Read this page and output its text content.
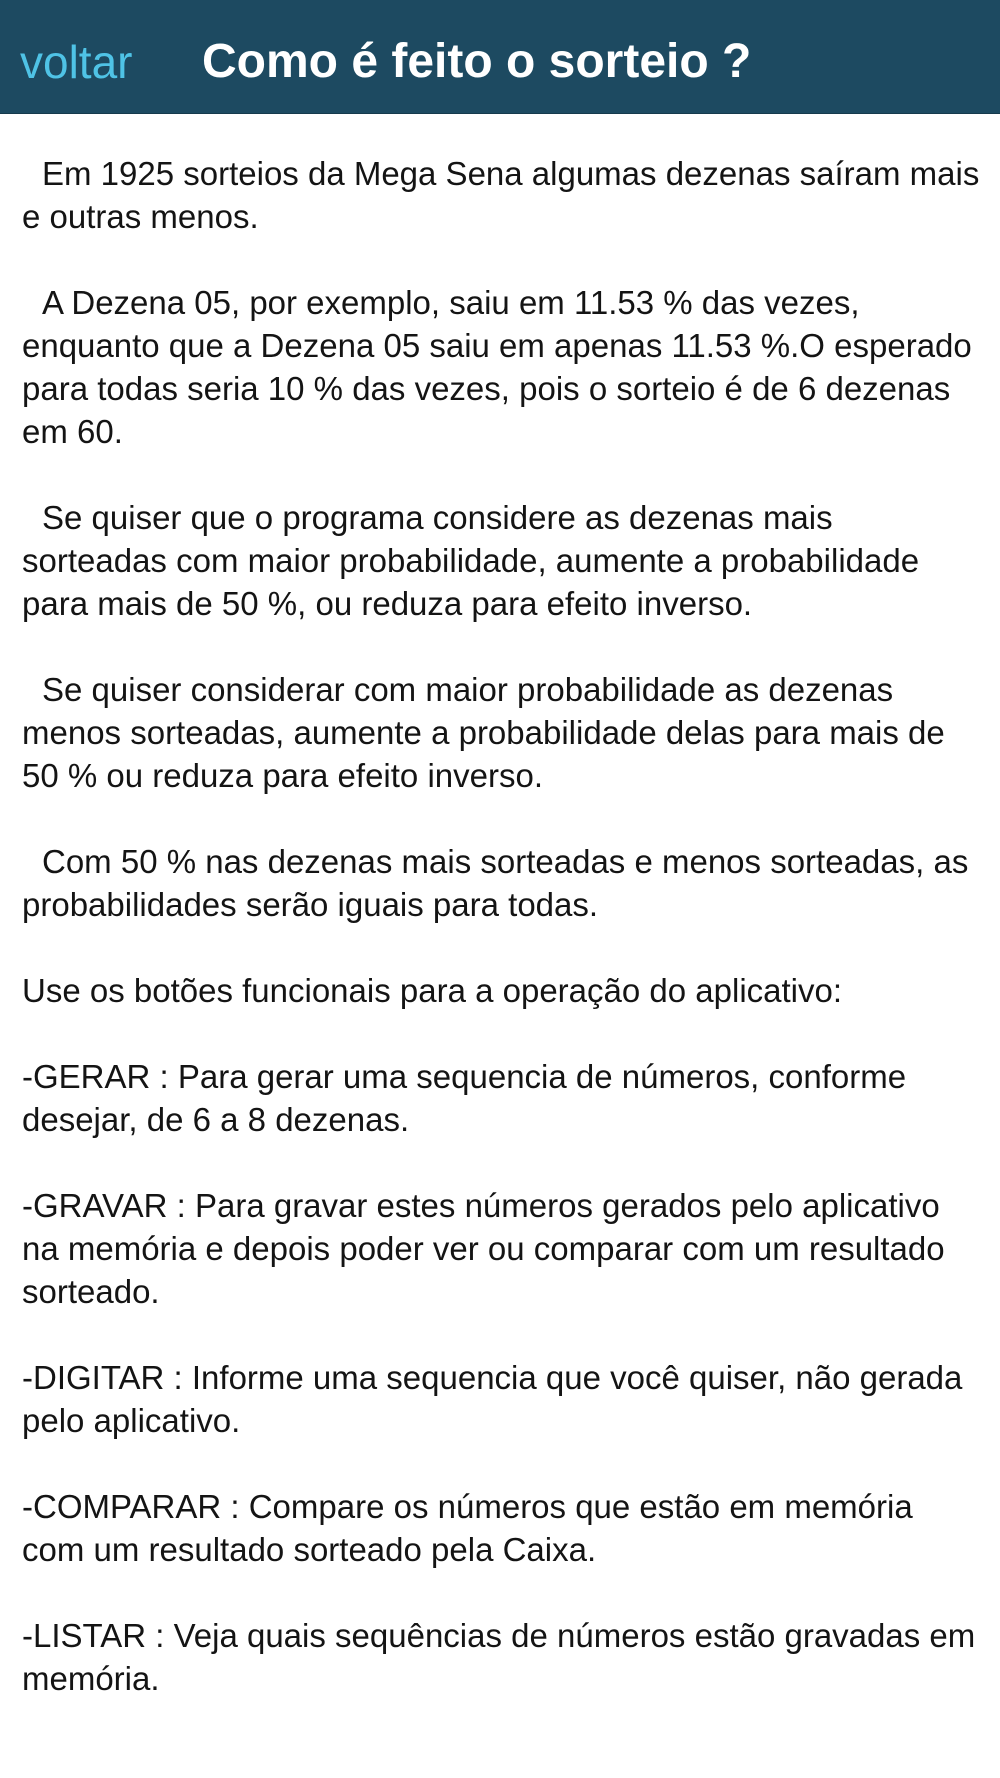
voltar Como é feito o sorteio ?

Em 1925 sorteios da Mega Sena algumas dezenas saíram mais e outras menos.

A Dezena 05, por exemplo, saiu em 11.53 % das vezes, enquanto que a Dezena 05 saiu em apenas 11.53 %.O esperado para todas seria 10 % das vezes, pois o sorteio é de 6 dezenas em 60.

Se quiser que o programa considere as dezenas mais sorteadas com maior probabilidade, aumente a probabilidade para mais de 50 %, ou reduza para efeito inverso.

Se quiser considerar com maior probabilidade as dezenas menos sorteadas, aumente a probabilidade delas para mais de 50 % ou reduza para efeito inverso.

Com 50 % nas dezenas mais sorteadas e menos sorteadas, as probabilidades serão iguais para todas.

Use os botões funcionais para a operação do aplicativo:

-GERAR : Para gerar uma sequencia de números, conforme desejar, de 6 a 8 dezenas.

-GRAVAR : Para gravar estes números gerados pelo aplicativo na memória e depois poder ver ou comparar com um resultado sorteado.

-DIGITAR : Informe uma sequencia que você quiser, não gerada pelo aplicativo.

-COMPARAR : Compare os números que estão em memória com um resultado sorteado pela Caixa.

-LISTAR : Veja quais sequências de números estão gravadas em memória.
